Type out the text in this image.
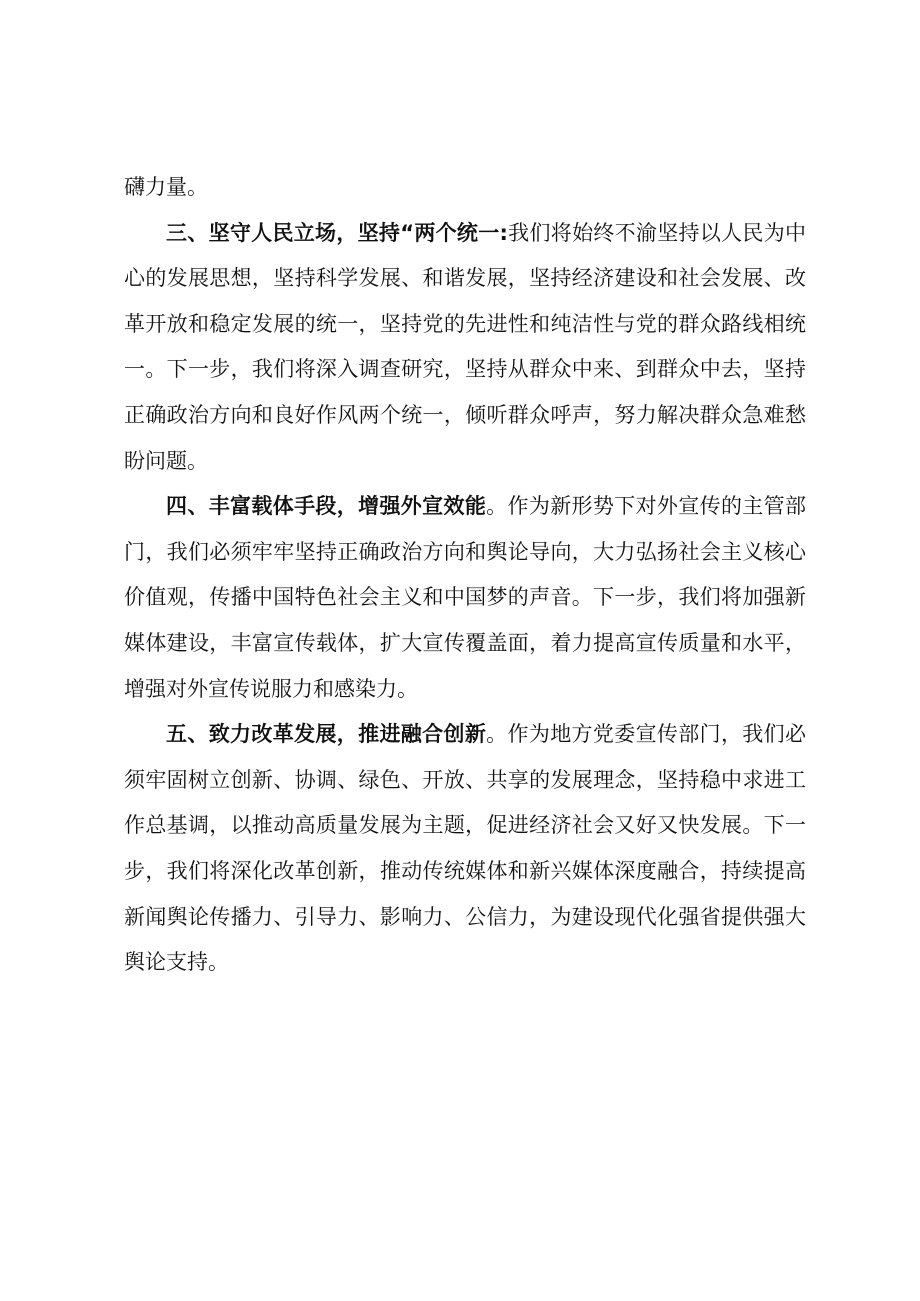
礴力量。

三、坚守人民立场，坚持“两个统一:我们将始终不渝坚持以人民为中心的发展思想，坚持科学发展、和谐发展，坚持经济建设和社会发展、改革开放和稳定发展的统一，坚持党的先进性和纯洁性与党的群众路线相统一。下一步，我们将深入调查研究，坚持从群众中来、到群众中去，坚持正确政治方向和良好作风两个统一，倾听群众呼声，努力解决群众急难愁盼问题。

四、丰富载体手段，增强外宣效能。作为新形势下对外宣传的主管部门，我们必须牢牢坚持正确政治方向和舆论导向，大力弘扬社会主义核心价值观，传播中国特色社会主义和中国梦的声音。下一步，我们将加强新媒体建设，丰富宣传载体，扩大宣传覆盖面，着力提高宣传质量和水平，增强对外宣传说服力和感染力。

五、致力改革发展，推进融合创新。作为地方党委宣传部门，我们必须牢固树立创新、协调、绿色、开放、共享的发展理念，坚持稳中求进工作总基调，以推动高质量发展为主题，促进经济社会又好又快发展。下一步，我们将深化改革创新，推动传统媒体和新兴媒体深度融合，持续提高新闻舆论传播力、引导力、影响力、公信力，为建设现代化强省提供强大舆论支持。
